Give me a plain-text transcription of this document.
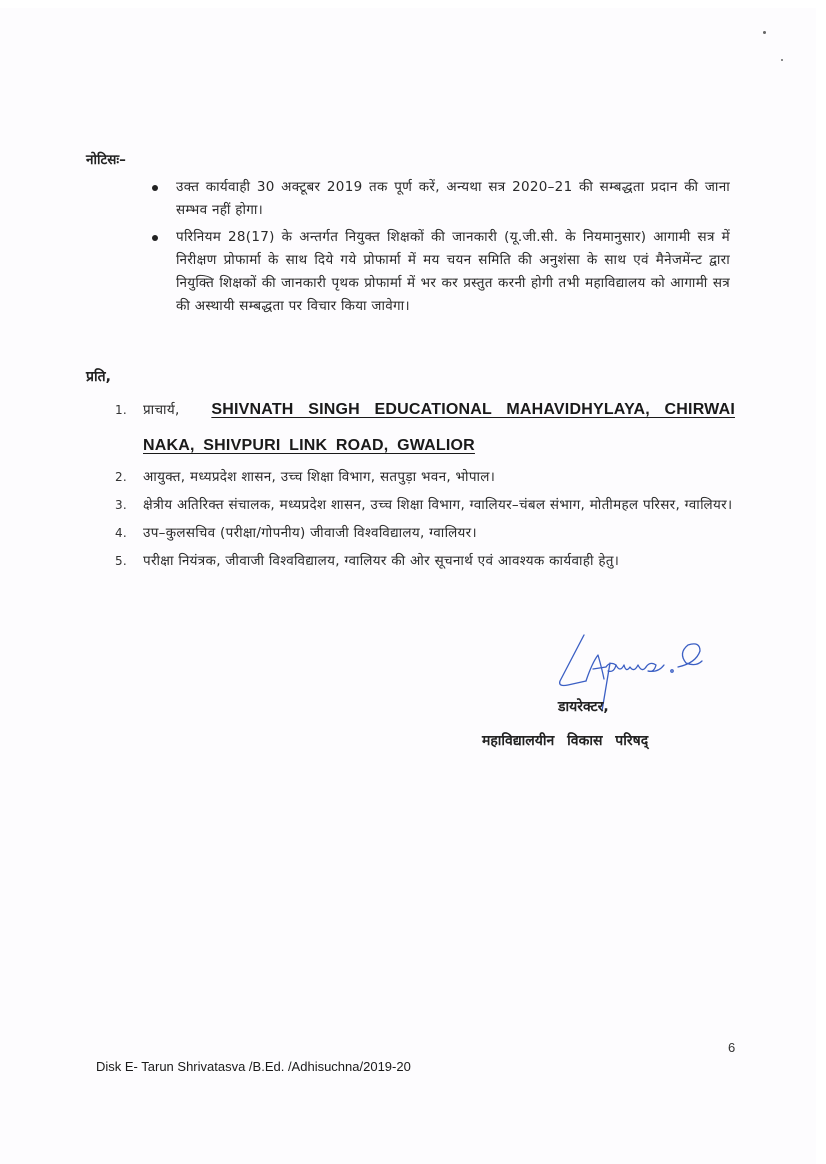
नोटिसः–
उक्त कार्यवाही 30 अक्टूबर 2019 तक पूर्ण करें, अन्यथा सत्र 2020–21 की सम्बद्धता प्रदान की जाना सम्भव नहीं होगा।
परिनियम 28(17) के अन्तर्गत नियुक्त शिक्षकों की जानकारी (यू.जी.सी. के नियमानुसार) आगामी सत्र में निरीक्षण प्रोफार्मा के साथ दिये गये प्रोफार्मा में मय चयन समिति की अनुशंसा के साथ एवं मैनेजमेंन्ट द्वारा नियुक्ति शिक्षकों की जानकारी पृथक प्रोफार्मा में भर कर प्रस्तुत करनी होगी तभी महाविद्यालय को आगामी सत्र की अस्थायी सम्बद्धता पर विचार किया जावेगा।
प्रति,
1. प्राचार्य, SHIVNATH SINGH EDUCATIONAL MAHAVIDHYLAYA, CHIRWAI NAKA, SHIVPURI LINK ROAD, GWALIOR
2. आयुक्त, मध्यप्रदेश शासन, उच्च शिक्षा विभाग, सतपुड़ा भवन, भोपाल।
3. क्षेत्रीय अतिरिक्त संचालक, मध्यप्रदेश शासन, उच्च शिक्षा विभाग, ग्वालियर–चंबल संभाग, मोतीमहल परिसर, ग्वालियर।
4. उप–कुलसचिव (परीक्षा/गोपनीय) जीवाजी विश्वविद्यालय, ग्वालियर।
5. परीक्षा नियंत्रक, जीवाजी विश्वविद्यालय, ग्वालियर की ओर सूचनार्थ एवं आवश्यक कार्यवाही हेतु।
डायरेक्टर,
महाविद्यालयीन विकास परिषद्
6
Disk E- Tarun Shrivatasva /B.Ed. /Adhisuchna/2019-20
